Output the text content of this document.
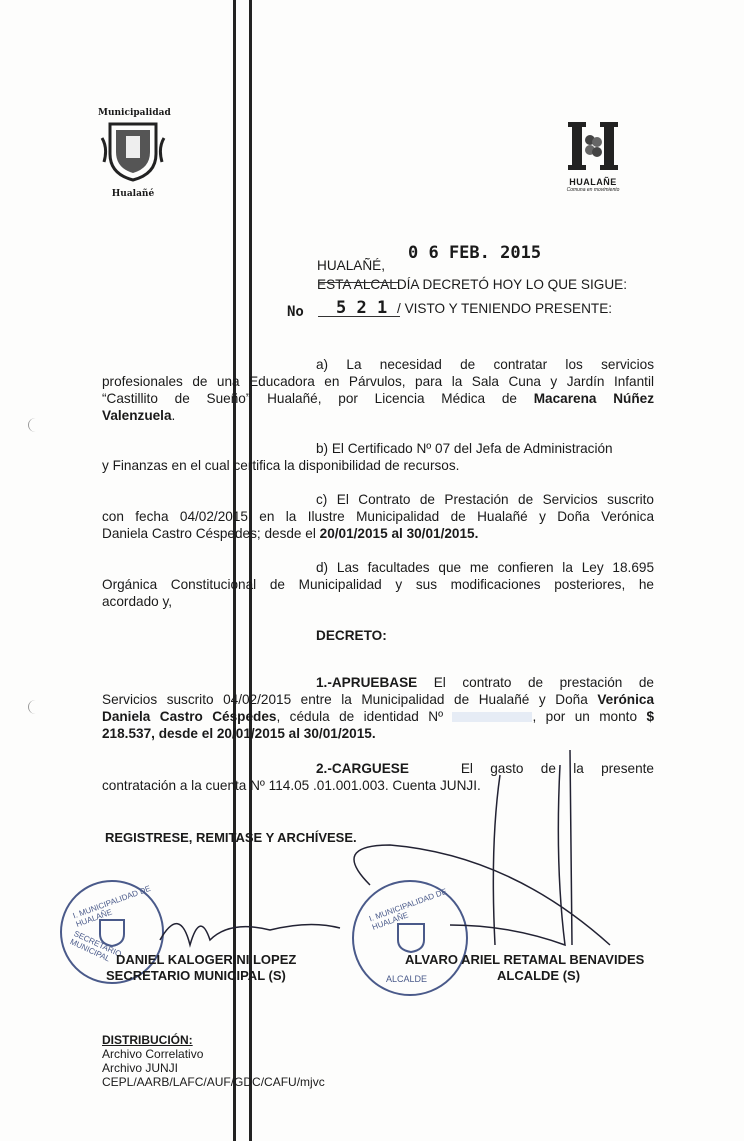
Municipalidad
Hualañé
HUALAÑE
Comuna en movimiento
HUALAÑÉ,
0 6 FEB. 2015
ESTA ALCALDÍA DECRETÓ HOY LO QUE SIGUE:
No 5 2 1 / VISTO Y TENIENDO PRESENTE:
a) La necesidad de contratar los servicios
profesionales de una Educadora en Párvulos, para la Sala Cuna y Jardín Infantil
“Castillito de Sueño” Hualañé, por Licencia Médica de Macarena Núñez
Valenzuela.
b) El Certificado Nº 07 del Jefa de Administración
y Finanzas en el cual certifica la disponibilidad de recursos.
c) El Contrato de Prestación de Servicios suscrito
con fecha 04/02/2015 en la Ilustre Municipalidad de Hualañé y Doña Verónica
Daniela Castro Céspedes; desde el 20/01/2015 al 30/01/2015.
d) Las facultades que me confieren la Ley 18.695
Orgánica Constitucional de Municipalidad y sus modificaciones posteriores, he
acordado y,
DECRETO:
1.-APRUEBASE El contrato de prestación de
Servicios suscrito 04/02/2015 entre la Municipalidad de Hualañé y Doña Verónica
Daniela Castro Céspedes, cédula de identidad Nº	, por un monto $
218.537, desde el 20/01/2015 al 30/01/2015.
2.-CARGUESE	El gasto de la presente
contratación a la cuenta Nº 114.05 .01.001.003. Cuenta JUNJI.
REGISTRESE, REMITASE Y ARCHÍVESE.
I. MUNICIPALIDAD DE HUALAÑE
SECRETARIO MUNICIPAL
I. MUNICIPALIDAD DE HUALAÑE
ALCALDE
DANIEL KALOGERINI LOPEZ
SECRETARIO MUNICIPAL (S)
ALVARO ARIEL RETAMAL BENAVIDES
ALCALDE (S)
DISTRIBUCIÓN:
Archivo Correlativo
Archivo JUNJI
CEPL/AARB/LAFC/AUF/GDC/CAFU/mjvc
